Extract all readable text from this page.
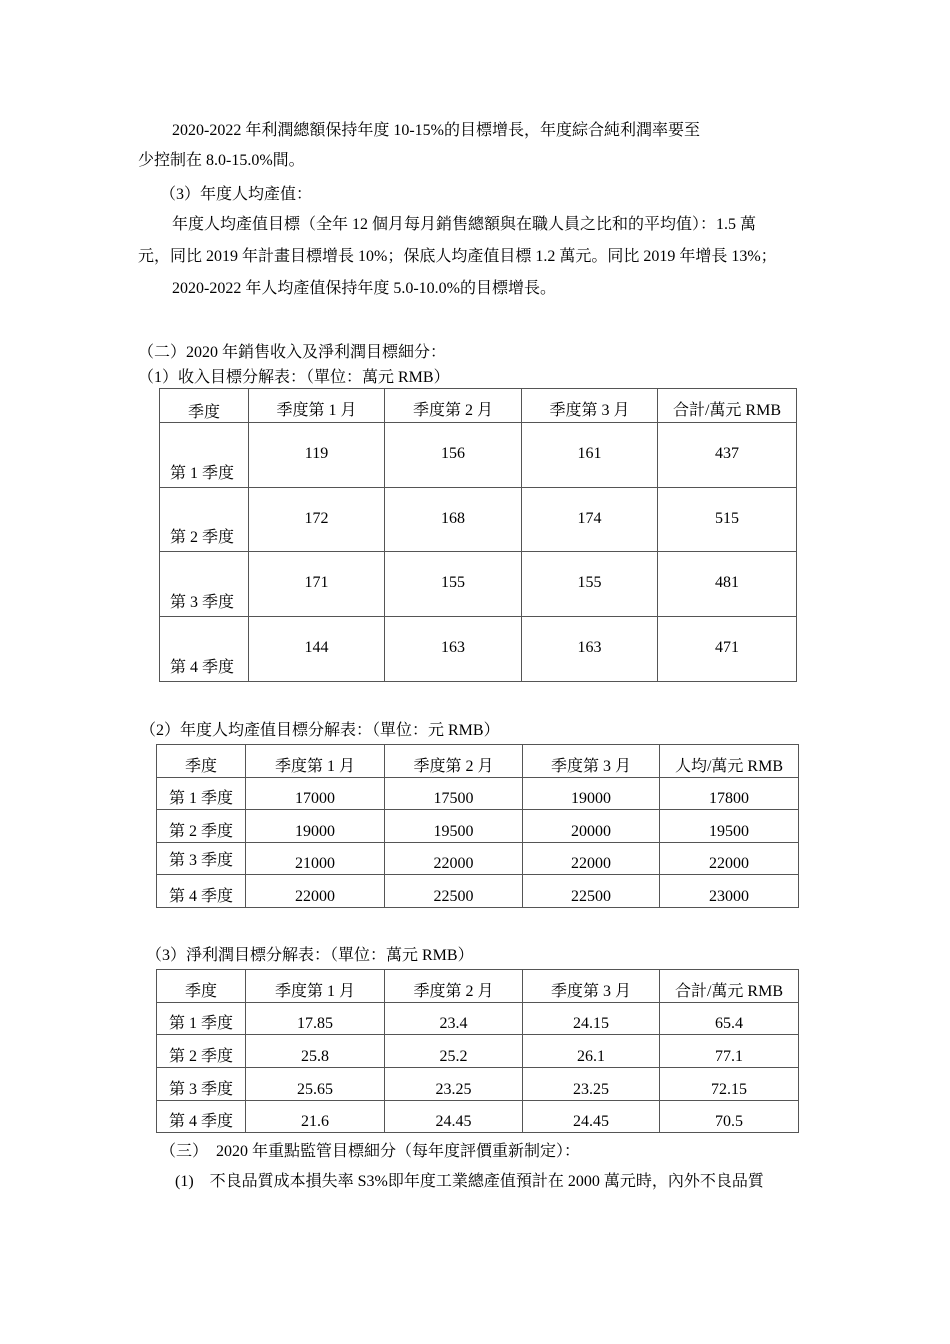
2020-2022 年利潤總額保持年度 10-15%的目標增長，年度綜合純利潤率要至
少控制在 8.0-15.0%間。
（3）年度人均產值：
年度人均產值目標（全年 12 個月每月銷售總額與在職人員之比和的平均值）：1.5 萬
元，同比 2019 年計畫目標增長 10%；保底人均產值目標 1.2 萬元。同比 2019 年增長 13%；
2020-2022 年人均產值保持年度 5.0-10.0%的目標增長。
（二）2020 年銷售收入及淨利潤目標細分：
（1）收入目標分解表：（單位：萬元 RMB）
季度	季度第 1 月	季度第 2 月	季度第 3 月	合計/萬元 RMB
第 1 季度	119	156	161	437
第 2 季度	172	168	174	515
第 3 季度	171	155	155	481
第 4 季度	144	163	163	471
（2）年度人均產值目標分解表：（單位：元 RMB）
季度	季度第 1 月	季度第 2 月	季度第 3 月	人均/萬元 RMB
第 1 季度	17000	17500	19000	17800
第 2 季度	19000	19500	20000	19500
第 3 季度	21000	22000	22000	22000
第 4 季度	22000	22500	22500	23000
（3）淨利潤目標分解表：（單位：萬元 RMB）
季度	季度第 1 月	季度第 2 月	季度第 3 月	合計/萬元 RMB
第 1 季度	17.85	23.4	24.15	65.4
第 2 季度	25.8	25.2	26.1	77.1
第 3 季度	25.65	23.25	23.25	72.15
第 4 季度	21.6	24.45	24.45	70.5
（三）　2020 年重點監管目標細分（每年度評價重新制定）：
(1)　不良品質成本損失率 S3%即年度工業總產值預計在 2000 萬元時，內外不良品質
